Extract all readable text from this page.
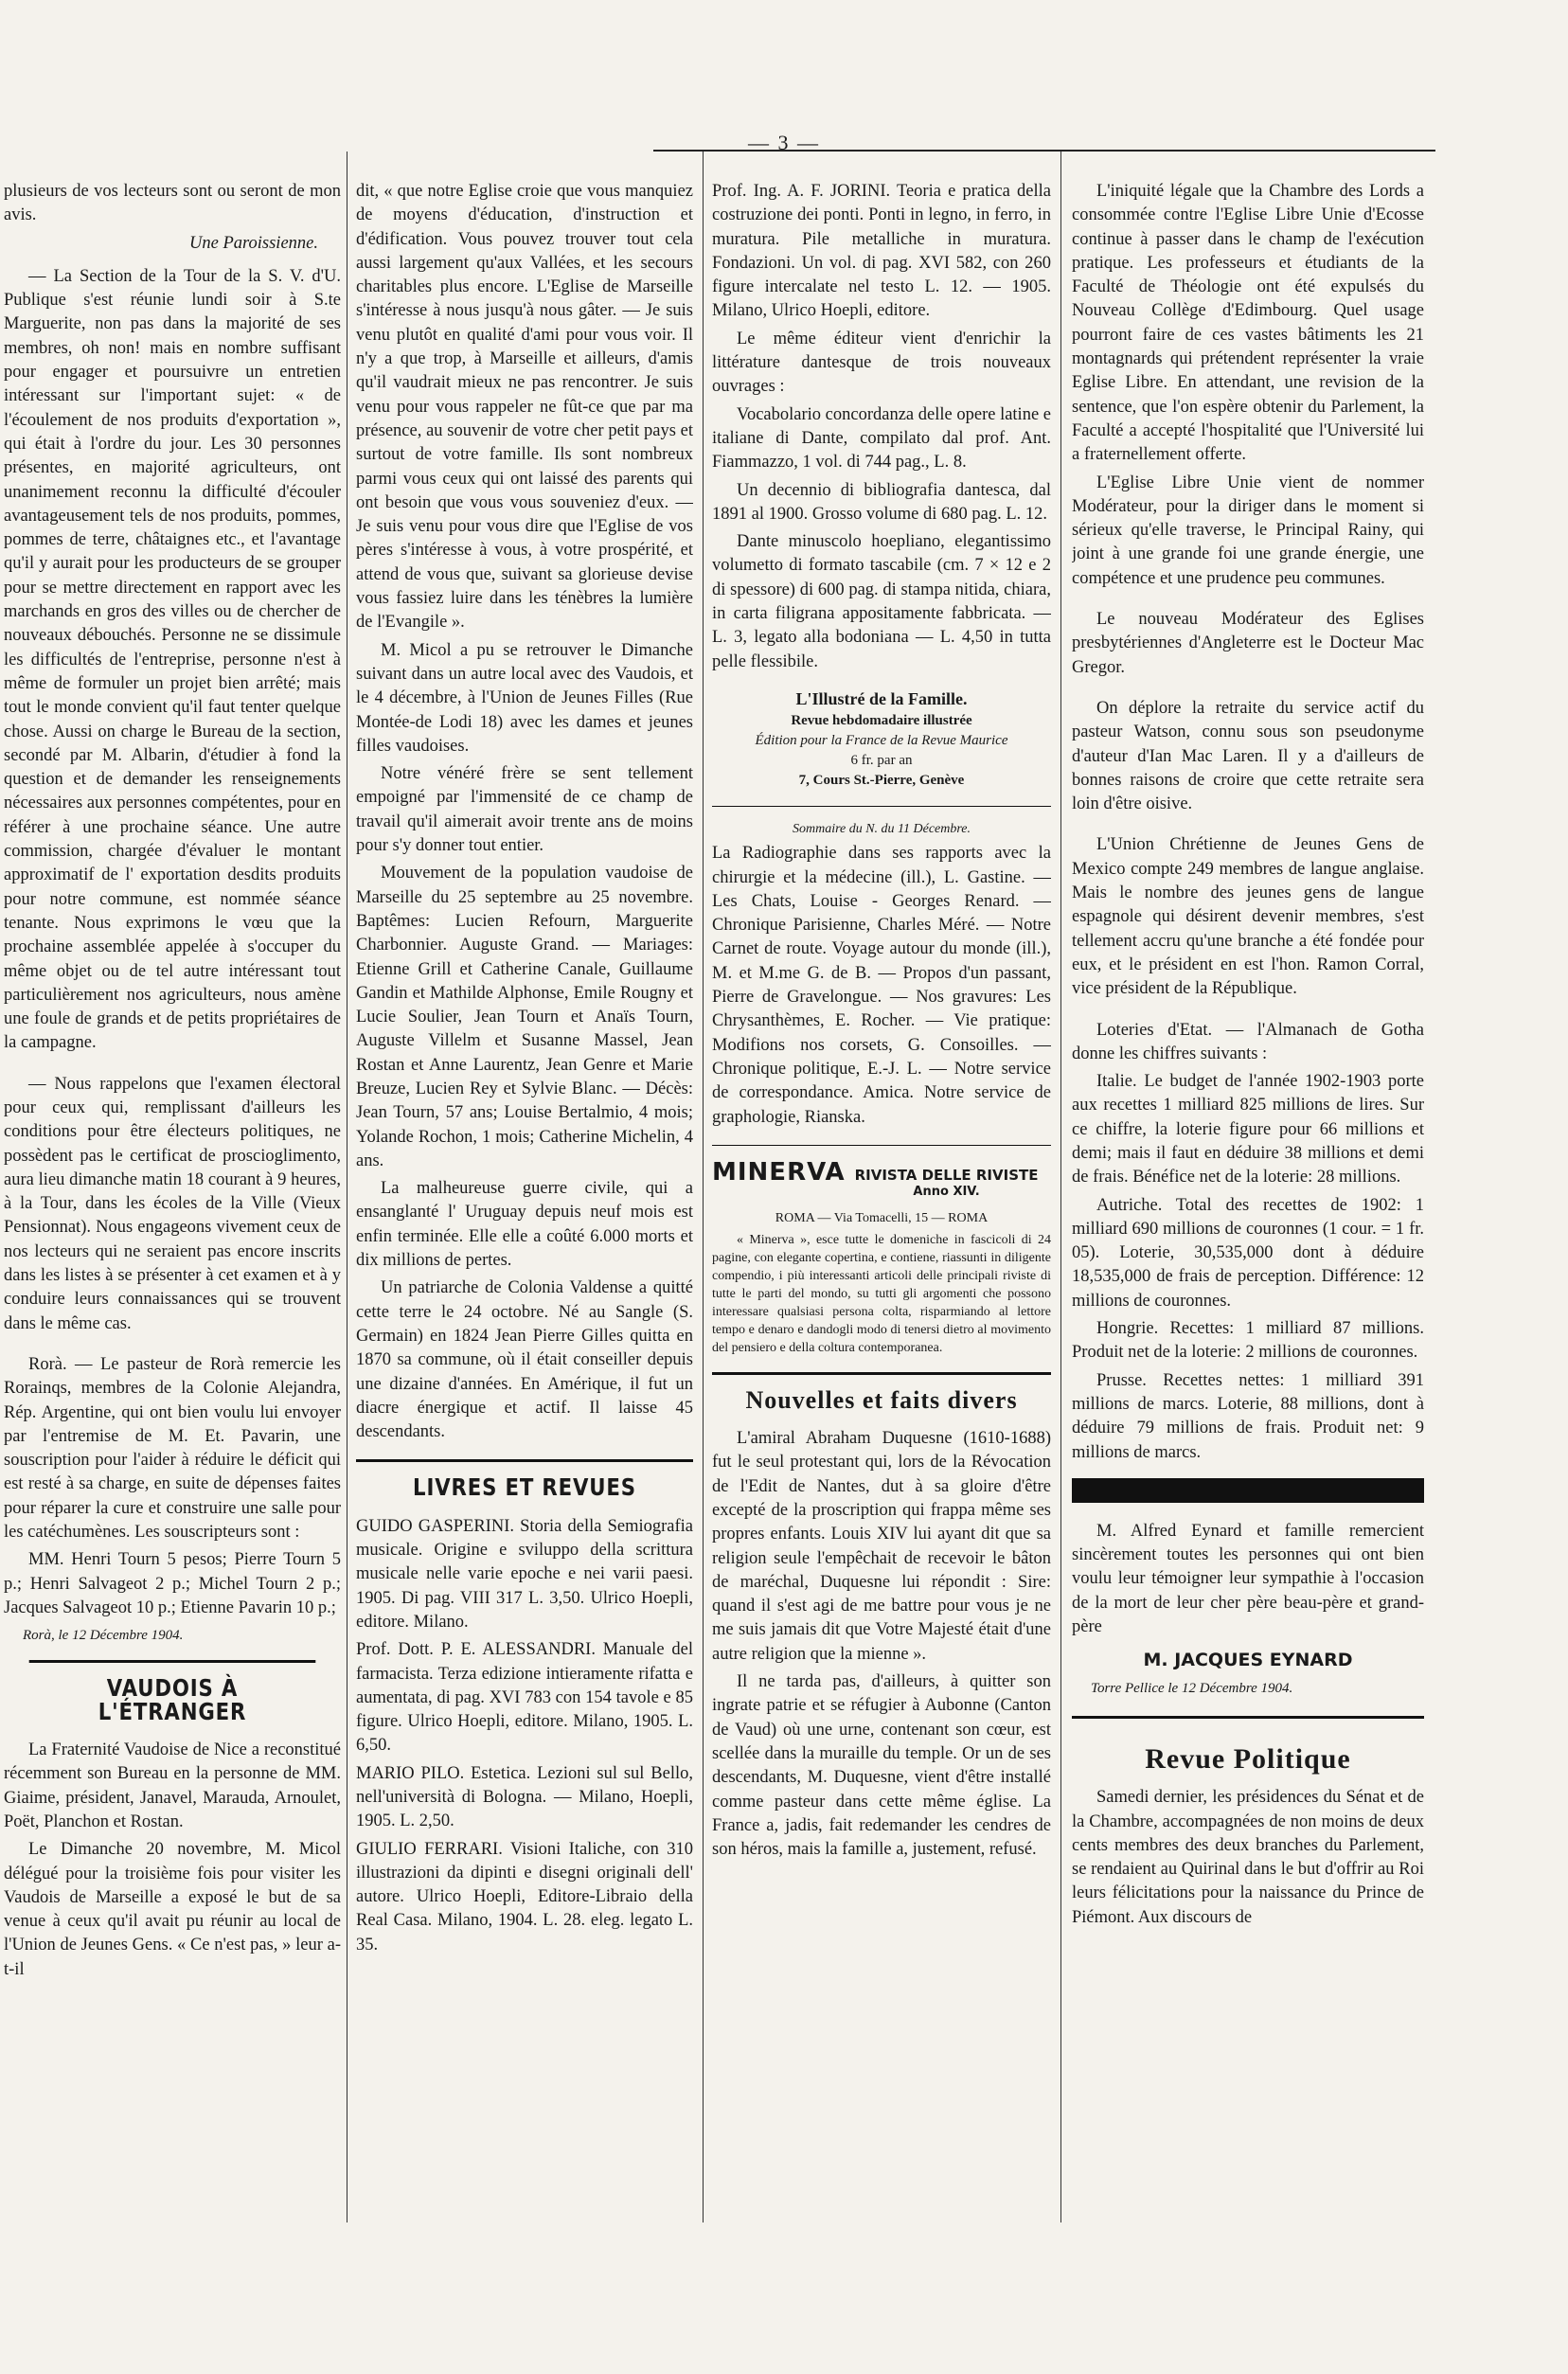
— 3 —

plusieurs de vos lecteurs sont ou seront de mon avis.

Une Paroissienne.

— La Section de la Tour de la S. V. d'U. Publique s'est réunie lundi soir à S.te Marguerite, non pas dans la majorité de ses membres, oh non! mais en nombre suffisant pour engager et poursuivre un entretien intéressant sur l'important sujet: « de l'écoulement de nos produits d'exportation », qui était à l'ordre du jour. Les 30 personnes présentes, en majorité agriculteurs, ont unanimement reconnu la difficulté d'écouler avantageusement tels de nos produits, pommes, pommes de terre, châtaignes etc., et l'avantage qu'il y aurait pour les producteurs de se grouper pour se mettre directement en rapport avec les marchands en gros des villes ou de chercher de nouveaux débouchés. Personne ne se dissimule les difficultés de l'entreprise, personne n'est à même de formuler un projet bien arrêté; mais tout le monde convient qu'il faut tenter quelque chose. Aussi on charge le Bureau de la section, secondé par M. Albarin, d'étudier à fond la question et de demander les renseignements nécessaires aux personnes compétentes, pour en référer à une prochaine séance. Une autre commission, chargée d'évaluer le montant approximatif de l' exportation desdits produits pour notre commune, est nommée séance tenante. Nous exprimons le vœu que la prochaine assemblée appelée à s'occuper du même objet ou de tel autre intéressant tout particulièrement nos agriculteurs, nous amène une foule de grands et de petits propriétaires de la campagne.

— Nous rappelons que l'examen électoral pour ceux qui, remplissant d'ailleurs les conditions pour être électeurs politiques, ne possèdent pas le certificat de proscioglimento, aura lieu dimanche matin 18 courant à 9 heures, à la Tour, dans les écoles de la Ville (Vieux Pensionnat). Nous engageons vivement ceux de nos lecteurs qui ne seraient pas encore inscrits dans les listes à se présenter à cet examen et à y conduire leurs connaissances qui se trouvent dans le même cas.

Rorà. — Le pasteur de Rorà remercie les Rorainqs, membres de la Colonie Alejandra, Rép. Argentine, qui ont bien voulu lui envoyer par l'entremise de M. Et. Pavarin, une souscription pour l'aider à réduire le déficit qui est resté à sa charge, en suite de dépenses faites pour réparer la cure et construire une salle pour les catéchumènes. Les souscripteurs sont :

MM. Henri Tourn 5 pesos; Pierre Tourn 5 p.; Henri Salvageot 2 p.; Michel Tourn 2 p.; Jacques Salvageot 10 p.; Etienne Pavarin 10 p.;

Rorà, le 12 Décembre 1904.

VAUDOIS À L'ÉTRANGER

La Fraternité Vaudoise de Nice a reconstitué récemment son Bureau en la personne de MM. Giaime, président, Janavel, Marauda, Arnoulet, Poët, Planchon et Rostan.

Le Dimanche 20 novembre, M. Micol délégué pour la troisième fois pour visiter les Vaudois de Marseille a exposé le but de sa venue à ceux qu'il avait pu réunir au local de l'Union de Jeunes Gens. « Ce n'est pas, » leur a-t-il

dit, « que notre Eglise croie que vous manquiez de moyens d'éducation, d'instruction et d'édification. Vous pouvez trouver tout cela aussi largement qu'aux Vallées, et les secours charitables plus encore. L'Eglise de Marseille s'intéresse à nous jusqu'à nous gâter. — Je suis venu plutôt en qualité d'ami pour vous voir. Il n'y a que trop, à Marseille et ailleurs, d'amis qu'il vaudrait mieux ne pas rencontrer. Je suis venu pour vous rappeler ne fût-ce que par ma présence, au souvenir de votre cher petit pays et surtout de votre famille. Ils sont nombreux parmi vous ceux qui ont laissé des parents qui ont besoin que vous vous souveniez d'eux. — Je suis venu pour vous dire que l'Eglise de vos pères s'intéresse à vous, à votre prospérité, et attend de vous que, suivant sa glorieuse devise vous fassiez luire dans les ténèbres la lumière de l'Evangile ».

M. Micol a pu se retrouver le Dimanche suivant dans un autre local avec des Vaudois, et le 4 décembre, à l'Union de Jeunes Filles (Rue Montée-de Lodi 18) avec les dames et jeunes filles vaudoises.

Notre vénéré frère se sent tellement empoigné par l'immensité de ce champ de travail qu'il aimerait avoir trente ans de moins pour s'y donner tout entier.

Mouvement de la population vaudoise de Marseille du 25 septembre au 25 novembre. Baptêmes: Lucien Refourn, Marguerite Charbonnier. Auguste Grand. — Mariages: Etienne Grill et Catherine Canale, Guillaume Gandin et Mathilde Alphonse, Emile Rougny et Lucie Soulier, Jean Tourn et Anaïs Tourn, Auguste Villelm et Susanne Massel, Jean Rostan et Anne Laurentz, Jean Genre et Marie Breuze, Lucien Rey et Sylvie Blanc. — Décès: Jean Tourn, 57 ans; Louise Bertalmio, 4 mois; Yolande Rochon, 1 mois; Catherine Michelin, 4 ans.

La malheureuse guerre civile, qui a ensanglanté l' Uruguay depuis neuf mois est enfin terminée. Elle elle a coûté 6.000 morts et dix millions de pertes.

Un patriarche de Colonia Valdense a quitté cette terre le 24 octobre. Né au Sangle (S. Germain) en 1824 Jean Pierre Gilles quitta en 1870 sa commune, où il était conseiller depuis une dizaine d'années. En Amérique, il fut un diacre énergique et actif. Il laisse 45 descendants.

LIVRES ET REVUES

GUIDO GASPERINI. Storia della Semiografia musicale. Origine e sviluppo della scrittura musicale nelle varie epoche e nei varii paesi. 1905. Di pag. VIII 317 L. 3,50. Ulrico Hoepli, editore. Milano.

Prof. Dott. P. E. ALESSANDRI. Manuale del farmacista. Terza edizione intieramente rifatta e aumentata, di pag. XVI 783 con 154 tavole e 85 figure. Ulrico Hoepli, editore. Milano, 1905. L. 6,50.

MARIO PILO. Estetica. Lezioni sul sul Bello, nell'università di Bologna. — Milano, Hoepli, 1905. L. 2,50.

GIULIO FERRARI. Visioni Italiche, con 310 illustrazioni da dipinti e disegni originali dell' autore. Ulrico Hoepli, Editore-Libraio della Real Casa. Milano, 1904. L. 28. eleg. legato L. 35.

Prof. Ing. A. F. JORINI. Teoria e pratica della costruzione dei ponti. Ponti in legno, in ferro, in muratura. Pile metalliche in muratura. Fondazioni. Un vol. di pag. XVI 582, con 260 figure intercalate nel testo L. 12. — 1905. Milano, Ulrico Hoepli, editore.

Le même éditeur vient d'enrichir la littérature dantesque de trois nouveaux ouvrages :

Vocabolario concordanza delle opere latine e italiane di Dante, compilato dal prof. Ant. Fiammazzo, 1 vol. di 744 pag., L. 8.

Un decennio di bibliografia dantesca, dal 1891 al 1900. Grosso volume di 680 pag. L. 12.

Dante minuscolo hoepliano, elegantissimo volumetto di formato tascabile (cm. 7 × 12 e 2 di spessore) di 600 pag. di stampa nitida, chiara, in carta filigrana appositamente fabbricata. — L. 3, legato alla bodoniana — L. 4,50 in tutta pelle flessibile.

L'Illustré de la Famille.
Revue hebdomadaire illustrée
Édition pour la France de la Revue Maurice
6 fr. par an
7, Cours St.-Pierre, Genève

Sommaire du N. du 11 Décembre.

La Radiographie dans ses rapports avec la chirurgie et la médecine (ill.), L. Gastine. — Les Chats, Louise - Georges Renard. — Chronique Parisienne, Charles Méré. — Notre Carnet de route. Voyage autour du monde (ill.), M. et M.me G. de B. — Propos d'un passant, Pierre de Gravelongue. — Nos gravures: Les Chrysanthèmes, E. Rocher. — Vie pratique: Modifions nos corsets, G. Consoilles. — Chronique politique, E.-J. L. — Notre service de correspondance. Amica. Notre service de graphologie, Rianska.

MINERVA RIVISTA DELLE RIVISTE
Anno XIV.

ROMA — Via Tomacelli, 15 — ROMA

« Minerva », esce tutte le domeniche in fascicoli di 24 pagine, con elegante copertina, e contiene, riassunti in diligente compendio, i più interessanti articoli delle principali riviste di tutte le parti del mondo, su tutti gli argomenti che possono interessare qualsiasi persona colta, risparmiando al lettore tempo e denaro e dandogli modo di tenersi dietro al movimento del pensiero e della coltura contemporanea.

Nouvelles et faits divers

L'amiral Abraham Duquesne (1610-1688) fut le seul protestant qui, lors de la Révocation de l'Edit de Nantes, dut à sa gloire d'être excepté de la proscription qui frappa même ses propres enfants. Louis XIV lui ayant dit que sa religion seule l'empêchait de recevoir le bâton de maréchal, Duquesne lui répondit : Sire: quand il s'est agi de me battre pour vous je ne me suis jamais dit que Votre Majesté était d'une autre religion que la mienne ».

Il ne tarda pas, d'ailleurs, à quitter son ingrate patrie et se réfugier à Aubonne (Canton de Vaud) où une urne, contenant son cœur, est scellée dans la muraille du temple. Or un de ses descendants, M. Duquesne, vient d'être installé comme pasteur dans cette même église. La France a, jadis, fait redemander les cendres de son héros, mais la famille a, justement, refusé.

L'iniquité légale que la Chambre des Lords a consommée contre l'Eglise Libre Unie d'Ecosse continue à passer dans le champ de l'exécution pratique. Les professeurs et étudiants de la Faculté de Théologie ont été expulsés du Nouveau Collège d'Edimbourg. Quel usage pourront faire de ces vastes bâtiments les 21 montagnards qui prétendent représenter la vraie Eglise Libre. En attendant, une revision de la sentence, que l'on espère obtenir du Parlement, la Faculté a accepté l'hospitalité que l'Université lui a fraternellement offerte.

L'Eglise Libre Unie vient de nommer Modérateur, pour la diriger dans le moment si sérieux qu'elle traverse, le Principal Rainy, qui joint à une grande foi une grande énergie, une compétence et une prudence peu communes.

Le nouveau Modérateur des Eglises presbytériennes d'Angleterre est le Docteur Mac Gregor.

On déplore la retraite du service actif du pasteur Watson, connu sous son pseudonyme d'auteur d'Ian Mac Laren. Il y a d'ailleurs de bonnes raisons de croire que cette retraite sera loin d'être oisive.

L'Union Chrétienne de Jeunes Gens de Mexico compte 249 membres de langue anglaise. Mais le nombre des jeunes gens de langue espagnole qui désirent devenir membres, s'est tellement accru qu'une branche a été fondée pour eux, et le président en est l'hon. Ramon Corral, vice président de la République.

Loteries d'Etat. — l'Almanach de Gotha donne les chiffres suivants :

Italie. Le budget de l'année 1902-1903 porte aux recettes 1 milliard 825 millions de lires. Sur ce chiffre, la loterie figure pour 66 millions et demi; mais il faut en déduire 38 millions et demi de frais. Bénéfice net de la loterie: 28 millions.

Autriche. Total des recettes de 1902: 1 milliard 690 millions de couronnes (1 cour. = 1 fr. 05). Loterie, 30,535,000 dont à déduire 18,535,000 de frais de perception. Différence: 12 millions de couronnes.

Hongrie. Recettes: 1 milliard 87 millions. Produit net de la loterie: 2 millions de couronnes.

Prusse. Recettes nettes: 1 milliard 391 millions de marcs. Loterie, 88 millions, dont à déduire 79 millions de frais. Produit net: 9 millions de marcs.

M. Alfred Eynard et famille remercient sincèrement toutes les personnes qui ont bien voulu leur témoigner leur sympathie à l'occasion de la mort de leur cher père beau-père et grand-père

M. JACQUES EYNARD

Torre Pellice le 12 Décembre 1904.

Revue Politique

Samedi dernier, les présidences du Sénat et de la Chambre, accompagnées de non moins de deux cents membres des deux branches du Parlement, se rendaient au Quirinal dans le but d'offrir au Roi leurs félicitations pour la naissance du Prince de Piémont. Aux discours de
